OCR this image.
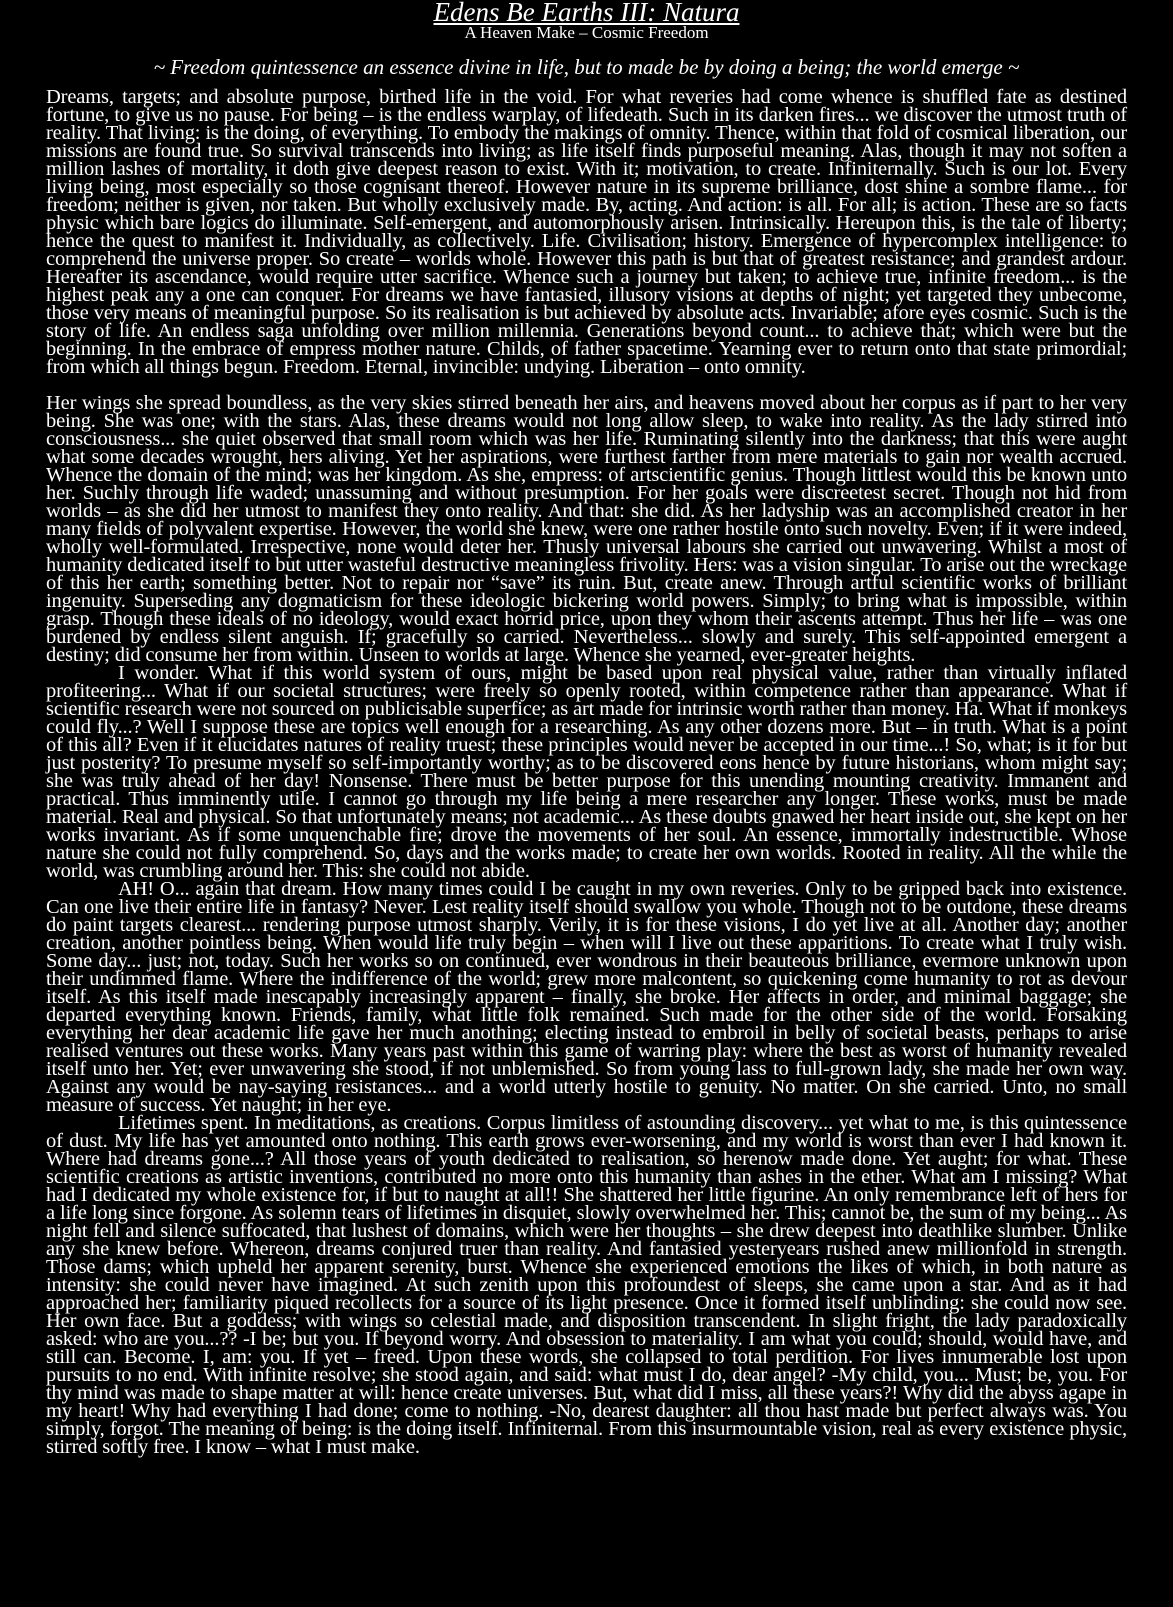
Edens Be Earths III: Natura
A Heaven Make – Cosmic Freedom
~ Freedom quintessence an essence divine in life, but to made be by doing a being; the world emerge ~

Dreams, targets; and absolute purpose, birthed life in the void. For what reveries had come whence is shuffled fate as destined fortune, to give us no pause. For being – is the endless warplay, of lifedeath. Such in its darken fires... we discover the utmost truth of reality. That living: is the doing, of everything. To embody the makings of omnity. Thence, within that fold of cosmical liberation, our missions are found true. So survival transcends into living; as life itself finds purposeful meaning. Alas, though it may not soften a million lashes of mortality, it doth give deepest reason to exist. With it; motivation, to create. Infiniternally. Such is our lot. Every living being, most especially so those cognisant thereof. However nature in its supreme brilliance, dost shine a sombre flame... for freedom; neither is given, nor taken. But wholly exclusively made. By, acting. And action: is all. For all; is action. These are so facts physic which bare logics do illuminate. Self-emergent, and automorphously arisen. Intrinsically. Hereupon this, is the tale of liberty; hence the quest to manifest it. Individually, as collectively. Life. Civilisation; history. Emergence of hypercomplex intelligence: to comprehend the universe proper. So create – worlds whole. However this path is but that of greatest resistance; and grandest ardour. Hereafter its ascendance, would require utter sacrifice. Whence such a journey but taken; to achieve true, infinite freedom... is the highest peak any a one can conquer. For dreams we have fantasied, illusory visions at depths of night; yet targeted they unbecome, those very means of meaningful purpose. So its realisation is but achieved by absolute acts. Invariable; afore eyes cosmic. Such is the story of life. An endless saga unfolding over million millennia. Generations beyond count... to achieve that; which were but the beginning. In the embrace of empress mother nature. Childs, of father spacetime. Yearning ever to return onto that state primordial; from which all things begun. Freedom. Eternal, invincible: undying. Liberation – onto omnity.

Her wings she spread boundless, as the very skies stirred beneath her airs, and heavens moved about her corpus as if part to her very being. She was one; with the stars. Alas, these dreams would not long allow sleep, to wake into reality. As the lady stirred into consciousness... she quiet observed that small room which was her life. Ruminating silently into the darkness; that this were aught what some decades wrought, hers aliving. Yet her aspirations, were furthest farther from mere materials to gain nor wealth accrued. Whence the domain of the mind; was her kingdom. As she, empress: of artscientific genius. Though littlest would this be known unto her. Suchly through life waded; unassuming and without presumption. For her goals were discreetest secret. Though not hid from worlds – as she did her utmost to manifest they onto reality. And that: she did. As her ladyship was an accomplished creator in her many fields of polyvalent expertise. However, the world she knew, were one rather hostile onto such novelty. Even; if it were indeed, wholly well-formulated. Irrespective, none would deter her. Thusly universal labours she carried out unwavering. Whilst a most of humanity dedicated itself to but utter wasteful destructive meaningless frivolity. Hers: was a vision singular. To arise out the wreckage of this her earth; something better. Not to repair nor “save” its ruin. But, create anew. Through artful scientific works of brilliant ingenuity. Superseding any dogmaticism for these ideologic bickering world powers. Simply; to bring what is impossible, within grasp. Though these ideals of no ideology, would exact horrid price, upon they whom their ascents attempt. Thus her life – was one burdened by endless silent anguish. If; gracefully so carried. Nevertheless... slowly and surely. This self-appointed emergent a destiny; did consume her from within. Unseen to worlds at large. Whence she yearned, ever-greater heights.

I wonder. What if this world system of ours, might be based upon real physical value, rather than virtually inflated profiteering... What if our societal structures; were freely so openly rooted, within competence rather than appearance. What if scientific research were not sourced on publicisable superfice; as art made for intrinsic worth rather than money. Ha. What if monkeys could fly...? Well I suppose these are topics well enough for a researching. As any other dozens more. But – in truth. What is a point of this all? Even if it elucidates natures of reality truest; these principles would never be accepted in our time...! So, what; is it for but just posterity? To presume myself so self-importantly worthy; as to be discovered eons hence by future historians, whom might say; she was truly ahead of her day! Nonsense. There must be better purpose for this unending mounting creativity. Immanent and practical. Thus imminently utile. I cannot go through my life being a mere researcher any longer. These works, must be made material. Real and physical. So that unfortunately means; not academic... As these doubts gnawed her heart inside out, she kept on her works invariant. As if some unquenchable fire; drove the movements of her soul. An essence, immortally indestructible. Whose nature she could not fully comprehend. So, days and the works made; to create her own worlds. Rooted in reality. All the while the world, was crumbling around her. This: she could not abide.

AH! O... again that dream. How many times could I be caught in my own reveries. Only to be gripped back into existence. Can one live their entire life in fantasy? Never. Lest reality itself should swallow you whole. Though not to be outdone, these dreams do paint targets clearest... rendering purpose utmost sharply. Verily, it is for these visions, I do yet live at all. Another day; another creation, another pointless being. When would life truly begin – when will I live out these apparitions. To create what I truly wish. Some day... just; not, today. Such her works so on continued, ever wondrous in their beauteous brilliance, evermore unknown upon their undimmed flame. Where the indifference of the world; grew more malcontent, so quickening come humanity to rot as devour itself. As this itself made inescapably increasingly apparent – finally, she broke. Her affects in order, and minimal baggage; she departed everything known. Friends, family, what little folk remained. Such made for the other side of the world. Forsaking everything her dear academic life gave her much anothing; electing instead to embroil in belly of societal beasts, perhaps to arise realised ventures out these works. Many years past within this game of warring play: where the best as worst of humanity revealed itself unto her. Yet; ever unwavering she stood, if not unblemished. So from young lass to full-grown lady, she made her own way. Against any would be nay-saying resistances... and a world utterly hostile to genuity. No matter. On she carried. Unto, no small measure of success. Yet naught; in her eye.

Lifetimes spent. In meditations, as creations. Corpus limitless of astounding discovery... yet what to me, is this quintessence of dust. My life has yet amounted onto nothing. This earth grows ever-worsening, and my world is worst than ever I had known it. Where had dreams gone...? All those years of youth dedicated to realisation, so herenow made done. Yet aught; for what. These scientific creations as artistic inventions, contributed no more onto this humanity than ashes in the ether. What am I missing? What had I dedicated my whole existence for, if but to naught at all!! She shattered her little figurine. An only remembrance left of hers for a life long since forgone. As solemn tears of lifetimes in disquiet, slowly overwhelmed her. This; cannot be, the sum of my being... As night fell and silence suffocated, that lushest of domains, which were her thoughts – she drew deepest into deathlike slumber. Unlike any she knew before. Whereon, dreams conjured truer than reality. And fantasied yesteryears rushed anew millionfold in strength. Those dams; which upheld her apparent serenity, burst. Whence she experienced emotions the likes of which, in both nature as intensity: she could never have imagined. At such zenith upon this profoundest of sleeps, she came upon a star. And as it had approached her; familiarity piqued recollects for a source of its light presence. Once it formed itself unblinding: she could now see. Her own face. But a goddess; with wings so celestial made, and disposition transcendent. In slight fright, the lady paradoxically asked: who are you...?? -I be; but you. If beyond worry. And obsession to materiality. I am what you could; should, would have, and still can. Become. I, am: you. If yet – freed. Upon these words, she collapsed to total perdition. For lives innumerable lost upon pursuits to no end. With infinite resolve; she stood again, and said: what must I do, dear angel? -My child, you... Must; be, you. For thy mind was made to shape matter at will: hence create universes. But, what did I miss, all these years?! Why did the abyss agape in my heart! Why had everything I had done; come to nothing. -No, dearest daughter: all thou hast made but perfect always was. You simply, forgot. The meaning of being: is the doing itself. Infiniternal. From this insurmountable vision, real as every existence physic, stirred softly free. I know – what I must make.
